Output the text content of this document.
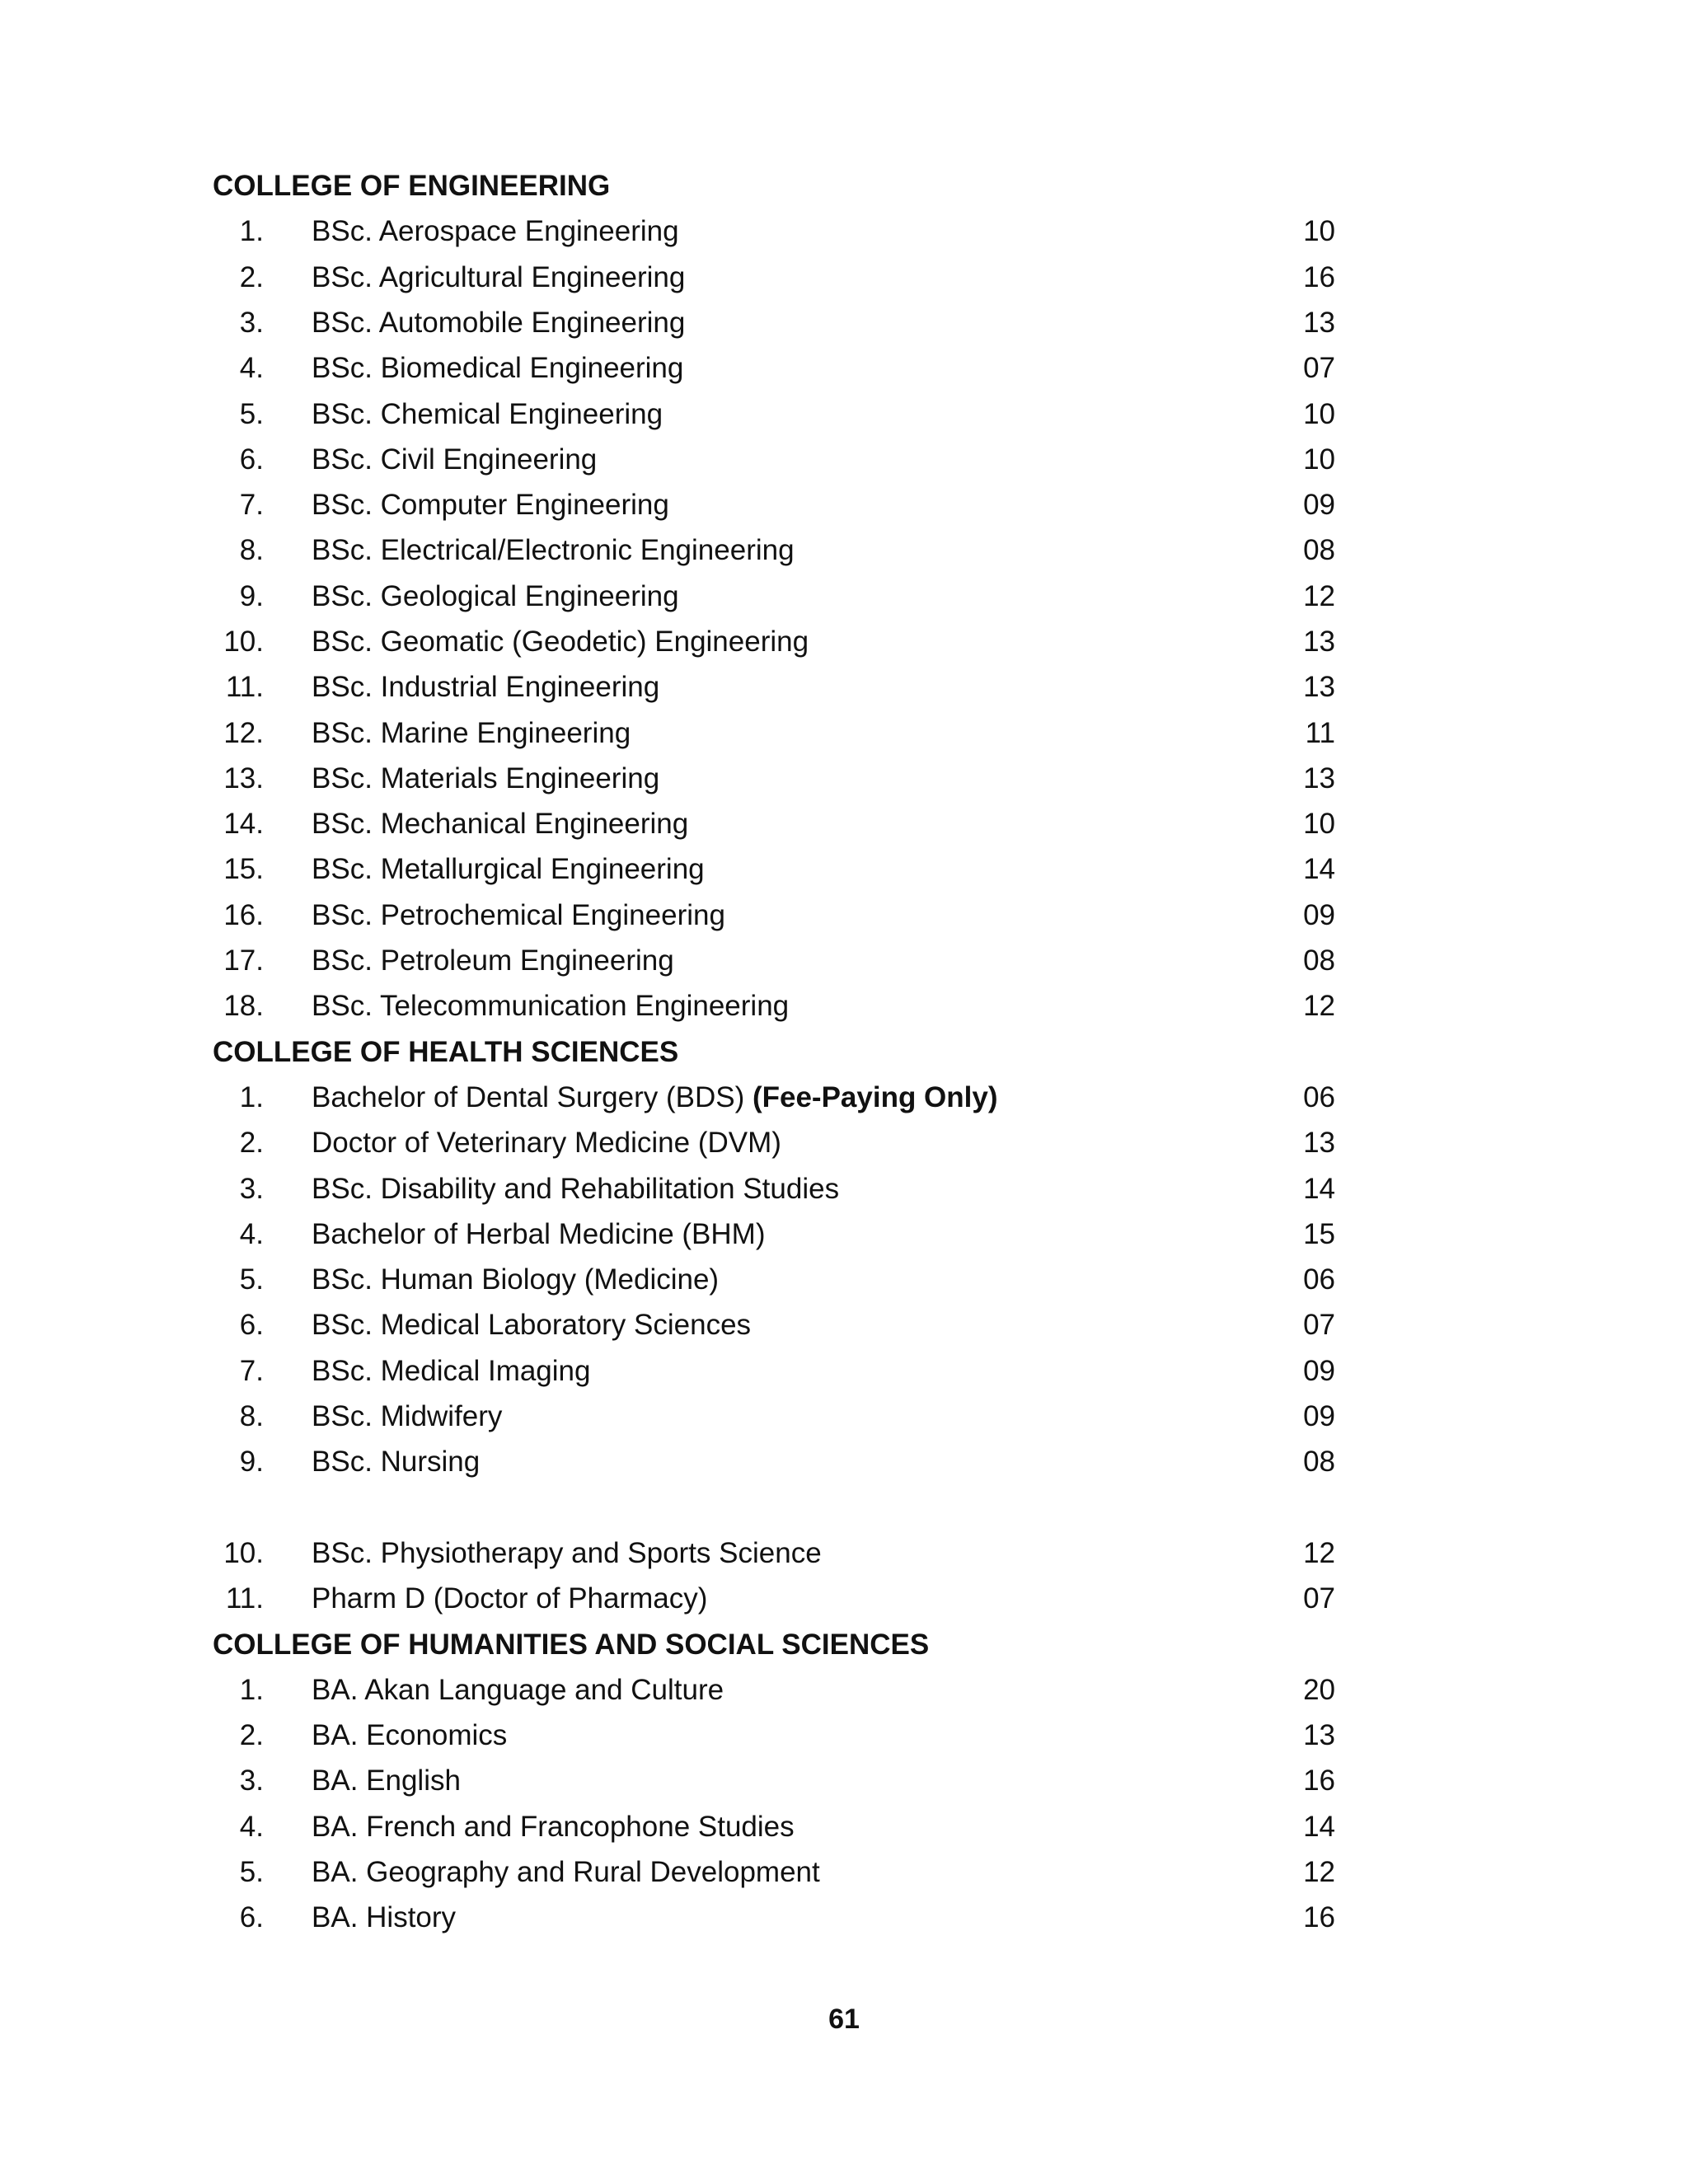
COLLEGE OF ENGINEERING
1. BSc. Aerospace Engineering	10
2. BSc. Agricultural Engineering	16
3. BSc. Automobile Engineering	13
4. BSc. Biomedical Engineering	07
5. BSc. Chemical Engineering	10
6. BSc. Civil Engineering	10
7. BSc. Computer Engineering	09
8. BSc. Electrical/Electronic Engineering	08
9. BSc. Geological Engineering	12
10. BSc. Geomatic (Geodetic) Engineering	13
11. BSc. Industrial Engineering	13
12. BSc. Marine Engineering	11
13. BSc. Materials Engineering	13
14. BSc. Mechanical Engineering	10
15. BSc. Metallurgical Engineering	14
16. BSc. Petrochemical Engineering	09
17. BSc. Petroleum Engineering	08
18. BSc. Telecommunication Engineering	12
COLLEGE OF HEALTH SCIENCES
1. Bachelor of Dental Surgery (BDS) (Fee-Paying Only)	06
2. Doctor of Veterinary Medicine (DVM)	13
3. BSc. Disability and Rehabilitation Studies	14
4. Bachelor of Herbal Medicine (BHM)	15
5. BSc. Human Biology (Medicine)	06
6. BSc. Medical Laboratory Sciences	07
7. BSc. Medical Imaging	09
8. BSc. Midwifery	09
9. BSc. Nursing	08
10. BSc. Physiotherapy and Sports Science	12
11. Pharm D (Doctor of Pharmacy)	07
COLLEGE OF HUMANITIES AND SOCIAL SCIENCES
1. BA. Akan Language and Culture	20
2. BA. Economics	13
3. BA. English	16
4. BA. French and Francophone Studies	14
5. BA. Geography and Rural Development	12
6. BA. History	16
61
